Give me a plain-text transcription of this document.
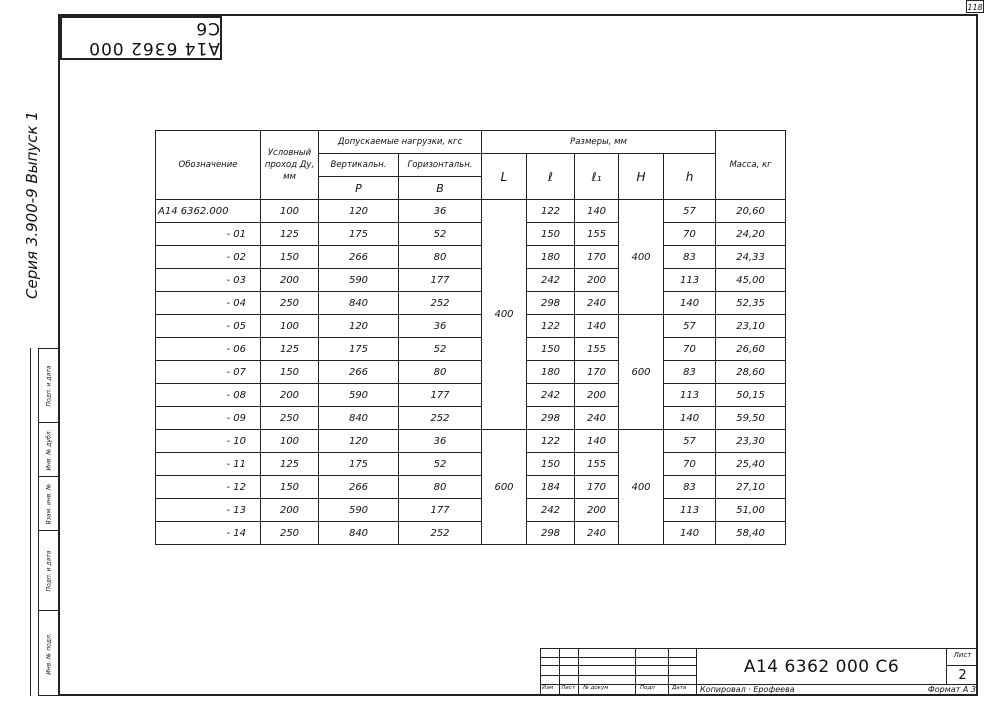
118
А14 6362 000 С6
Серия 3.900-9 Выпуск 1
Подп. и дата
Инв. № дубл.
Взам. инв. №
Подп. и дата
Инв. № подл.
Обозначение	Условный проход Ду, мм	Допускаемые нагрузки, кгс		Размеры, мм					Масса, кг
		Вертикальн.	Горизонтальн.	L	ℓ	ℓ₁	H	h	
		P	В						
А14 6362.000	100	120	36	400	122	140	400	57	20,60
- 01	125	175	52		150	155		70	24,20
- 02	150	266	80		180	170		83	24,33
- 03	200	590	177		242	200		113	45,00
- 04	250	840	252		298	240		140	52,35
- 05	100	120	36		122	140	600	57	23,10
- 06	125	175	52		150	155		70	26,60
- 07	150	266	80		180	170		83	28,60
- 08	200	590	177		242	200		113	50,15
- 09	250	840	252		298	240		140	59,50
- 10	100	120	36	600	122	140	400	57	23,30
- 11	125	175	52		150	155		70	25,40
- 12	150	266	80		184	170		83	27,10
- 13	200	590	177		242	200		113	51,00
- 14	250	840	252		298	240		140	58,40
Изм Лист № докум	Подп	Дата
А14 6362 000 С6
Лист
2
Копировал · Ерофеева	Формат А 3
